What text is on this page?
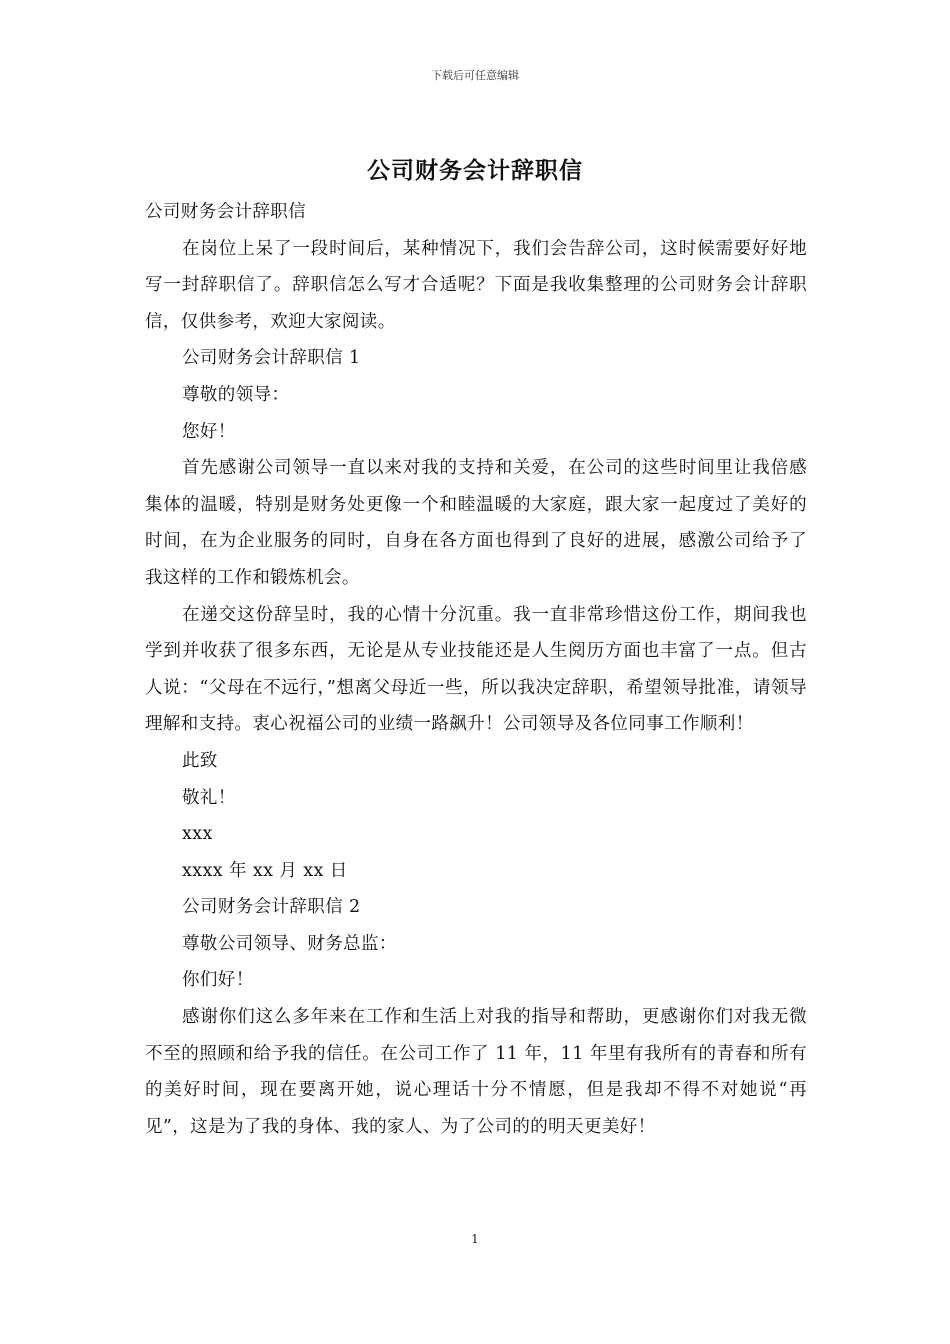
下载后可任意编辑
公司财务会计辞职信

公司财务会计辞职信

在岗位上呆了一段时间后，某种情况下，我们会告辞公司，这时候需要好好地写一封辞职信了。辞职信怎么写才合适呢？下面是我收集整理的公司财务会计辞职信，仅供参考，欢迎大家阅读。

公司财务会计辞职信 1

尊敬的领导：

您好！

首先感谢公司领导一直以来对我的支持和关爱，在公司的这些时间里让我倍感集体的温暖，特别是财务处更像一个和睦温暖的大家庭，跟大家一起度过了美好的时间，在为企业服务的同时，自身在各方面也得到了良好的进展，感激公司给予了我这样的工作和锻炼机会。

在递交这份辞呈时，我的心情十分沉重。我一直非常珍惜这份工作，期间我也学到并收获了很多东西，无论是从专业技能还是人生阅历方面也丰富了一点。但古人说：“父母在不远行，”想离父母近一些，所以我决定辞职，希望领导批准，请领导理解和支持。衷心祝福公司的业绩一路飙升！公司领导及各位同事工作顺利！

此致

敬礼！

xxx

xxxx 年 xx 月 xx 日

公司财务会计辞职信 2

尊敬公司领导、财务总监：

你们好！

感谢你们这么多年来在工作和生活上对我的指导和帮助，更感谢你们对我无微不至的照顾和给予我的信任。在公司工作了 11 年，11 年里有我所有的青春和所有的美好时间，现在要离开她，说心理话十分不情愿，但是我却不得不对她说“再见”，这是为了我的身体、我的家人、为了公司的的明天更美好！

1
